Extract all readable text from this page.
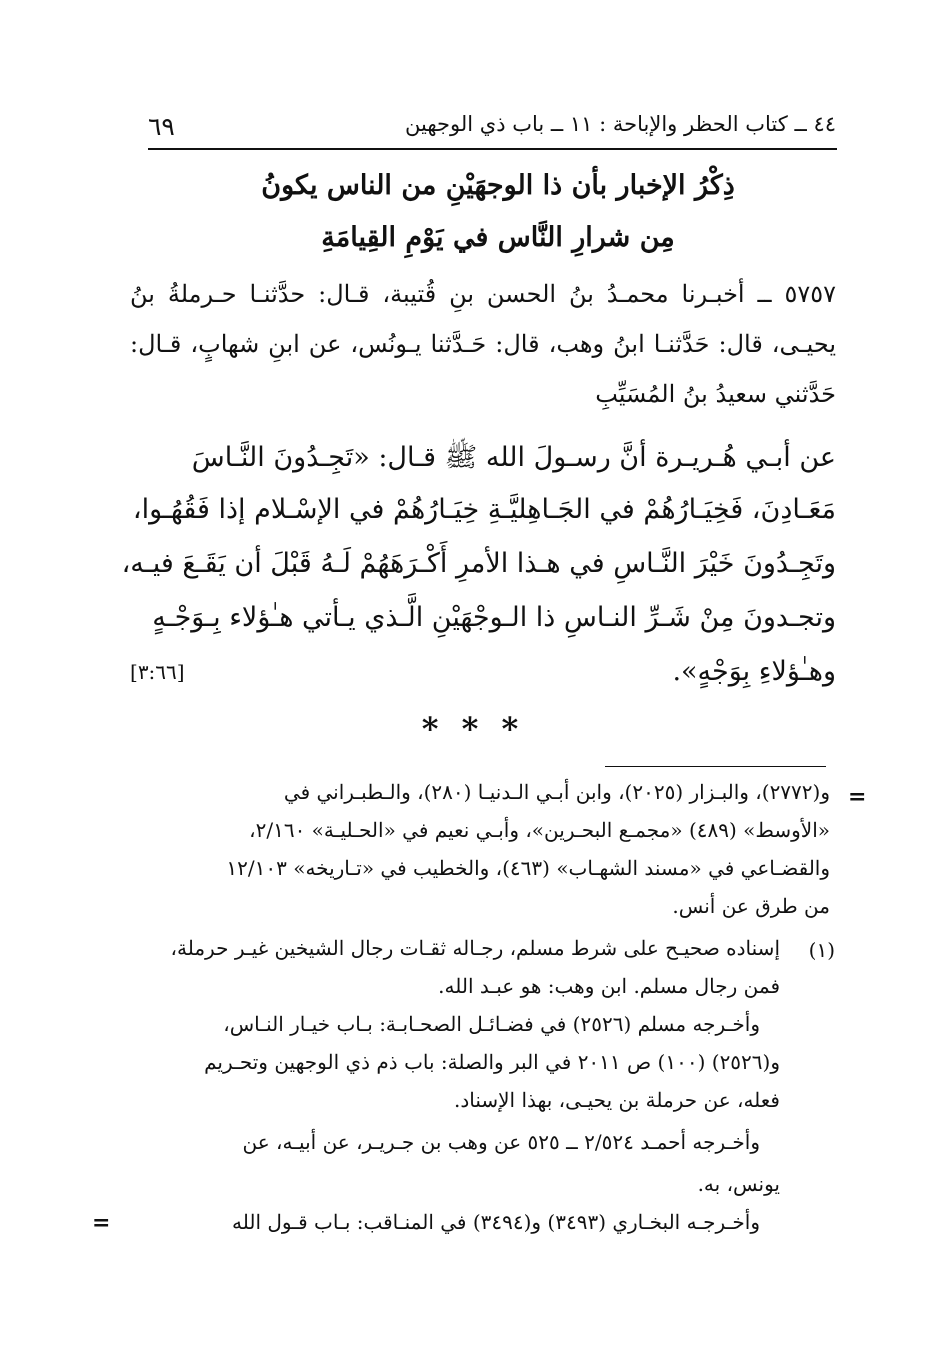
٤٤ ــ كتاب الحظر والإباحة : ١١ ــ باب ذي الوجهين
٦٩
ذِكْرُ الإخبار بأن ذا الوجهَيْنِ من الناس يكونُ
مِن شرارِ النَّاس في يَوْمِ القِيامَةِ
٥٧٥٧ ــ أخبـرنا محمـدُ بنُ الحسن بنِ قُتيبة، قـال: حدَّثنـا حـرملةُ بنُ
يحيـى، قال: حَدَّثنـا ابنُ وهب، قال: حَـدَّثنا يـونُس، عن ابنِ شهابٍ، قـال:
حَدَّثني سعيدُ بنُ المُسَيِّبِ
عن أبـي هُـريـرة أنَّ رسـولَ الله ﷺ قـال: «تَجِـدُونَ النَّـاسَ
مَعَـادِنَ، فَخِيَـارُهُمْ في الجَـاهِليَّـةِ خِيَـارُهُمْ في الإسْـلام إذا فَقُهُـوا،
وتَجِـدُونَ خَيْرَ النَّـاسِ في هـذا الأمرِ أَكْـرَهَهُمْ لَـهُ قَبْلَ أن يَقَـعَ فيـه،
وتجـدونَ مِنْ شَـرِّ النـاسِ ذا الـوجْهَيْنِ الَّـذي يـأتي هـٰؤلاء بِـوَجْـهٍ
وهـٰؤلاءِ بِوَجْهٍ».
[٣:٦٦]
* * *
=
و(٢٧٧٢)، والبـزار (٢٠٢٥)، وابن أبـي الـدنيـا (٢٨٠)، والـطبـراني في
«الأوسط» (٤٨٩) «مجمـع البحـرين»، وأبـي نعيم في «الحـليـة» ٢/١٦٠،
والقضـاعي في «مسند الشهـاب» (٤٦٣)، والخطيب في «تـاريخه» ١٢/١٠٣
من طرق عن أنس.
(١)
إسناده صحيـح على شرط مسلم، رجـاله ثقـات رجال الشيخين غيـر حرملة،
فمن رجال مسلم. ابن وهب: هو عبـد الله.
وأخـرجه مسلم (٢٥٢٦) في فضـائـل الصحـابـة: بـاب خيـار النـاس،
و(٢٥٢٦) (١٠٠) ص ٢٠١١ في البر والصلة: باب ذم ذي الوجهين وتحـريم
فعله، عن حرملة بن يحيـى، بهذا الإسناد.
وأخـرجه أحمـد ٢/٥٢٤ ــ ٥٢٥ عن وهب بن جـريـر، عن أبيـه، عن
يونس، به.
وأخـرجـه البخـاري (٣٤٩٣) و(٣٤٩٤) في المنـاقب: بـاب قـول الله
=
